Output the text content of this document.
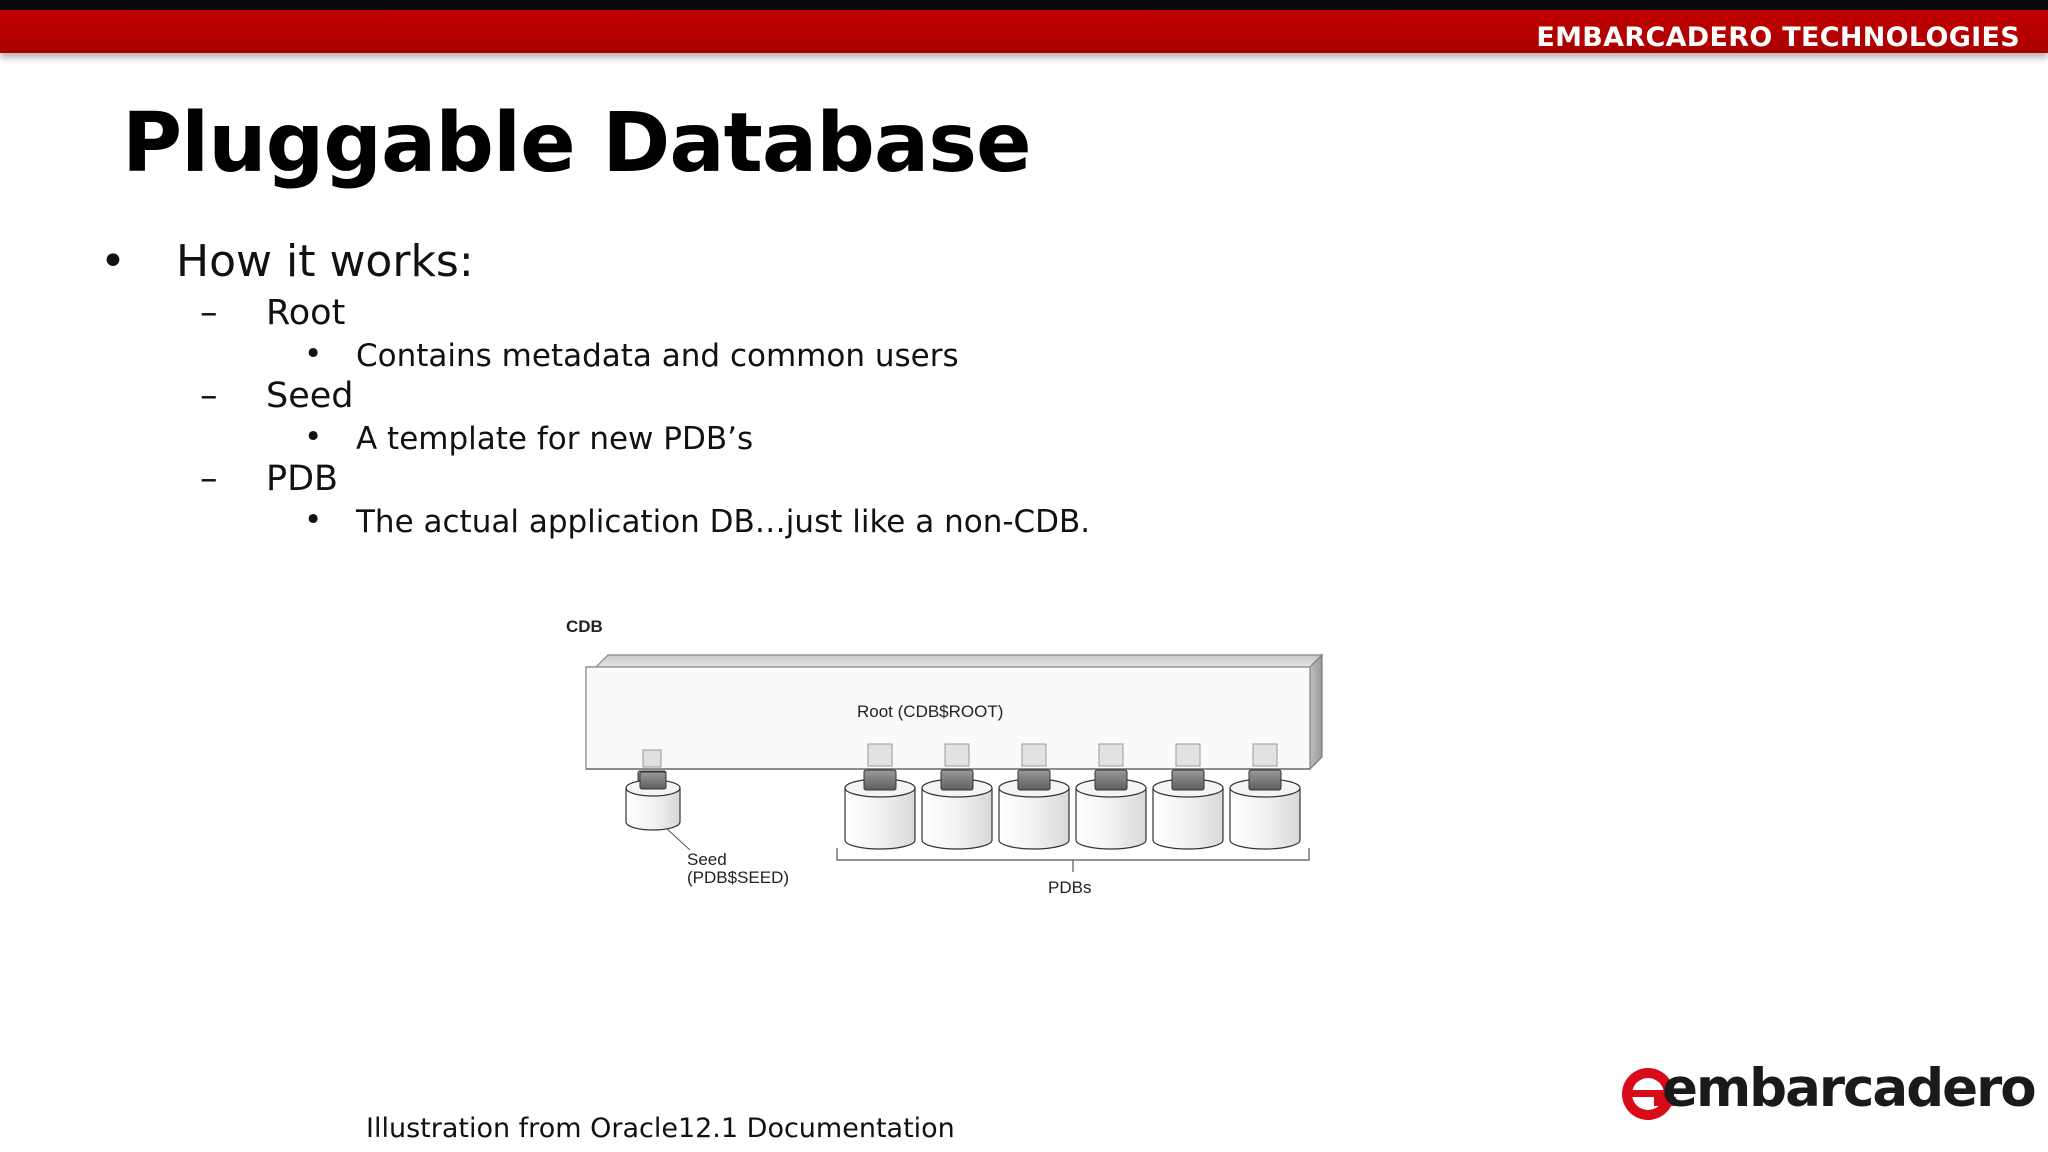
EMBARCADERO TECHNOLOGIES
Pluggable Database
• How it works:
– Root
• Contains metadata and common users
– Seed
• A template for new PDB’s
– PDB
• The actual application DB…just like a non-CDB.
CDB
Root (CDB$ROOT)
Seed
(PDB$SEED)
PDBs
Illustration from Oracle12.1 Documentation
embarcadero
